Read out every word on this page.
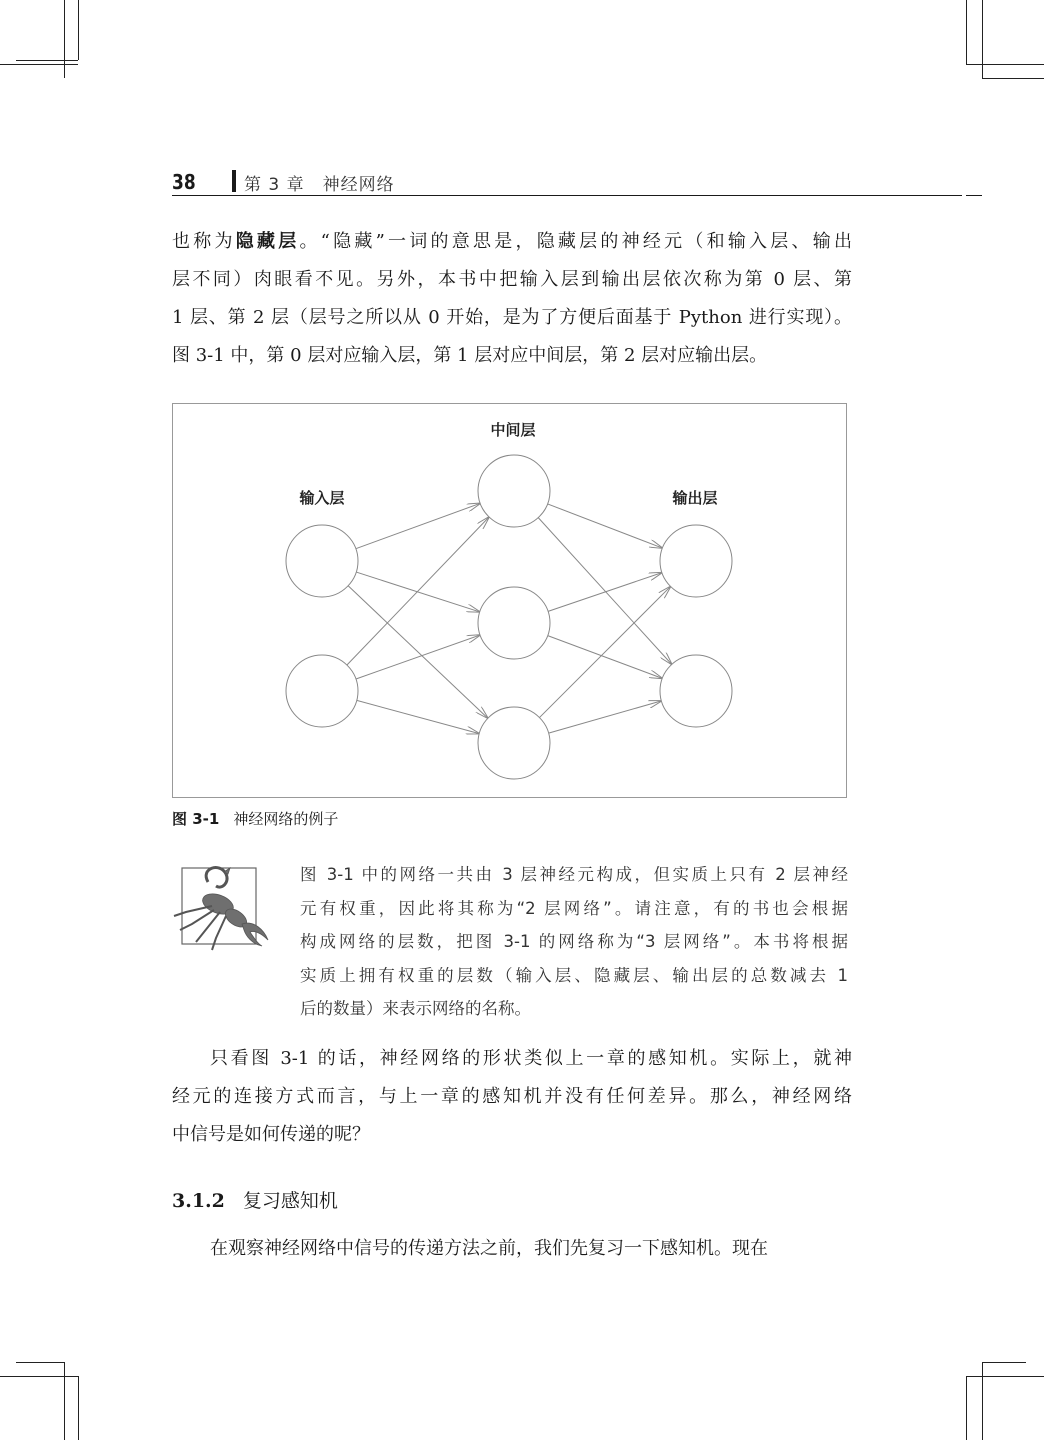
38	第 3 章　神经网络
也称为隐藏层。“隐藏”一词的意思是，隐藏层的神经元（和输入层、输出
层不同）肉眼看不见。另外，本书中把输入层到输出层依次称为第 0 层、第
1 层、第 2 层（层号之所以从 0 开始，是为了方便后面基于 Python 进行实现）。
图 3-1 中，第 0 层对应输入层，第 1 层对应中间层，第 2 层对应输出层。
输入层
中间层
输出层
图 3-1 神经网络的例子
图 3-1 中的网络一共由 3 层神经元构成，但实质上只有 2 层神经
元有权重，因此将其称为“2 层网络”。请注意，有的书也会根据
构成网络的层数，把图 3-1 的网络称为“3 层网络”。本书将根据
实质上拥有权重的层数（输入层、隐藏层、输出层的总数减去 1
后的数量）来表示网络的名称。
只看图 3-1 的话，神经网络的形状类似上一章的感知机。实际上，就神
经元的连接方式而言，与上一章的感知机并没有任何差异。那么，神经网络
中信号是如何传递的呢？
3.1.2 复习感知机
在观察神经网络中信号的传递方法之前，我们先复习一下感知机。现在
